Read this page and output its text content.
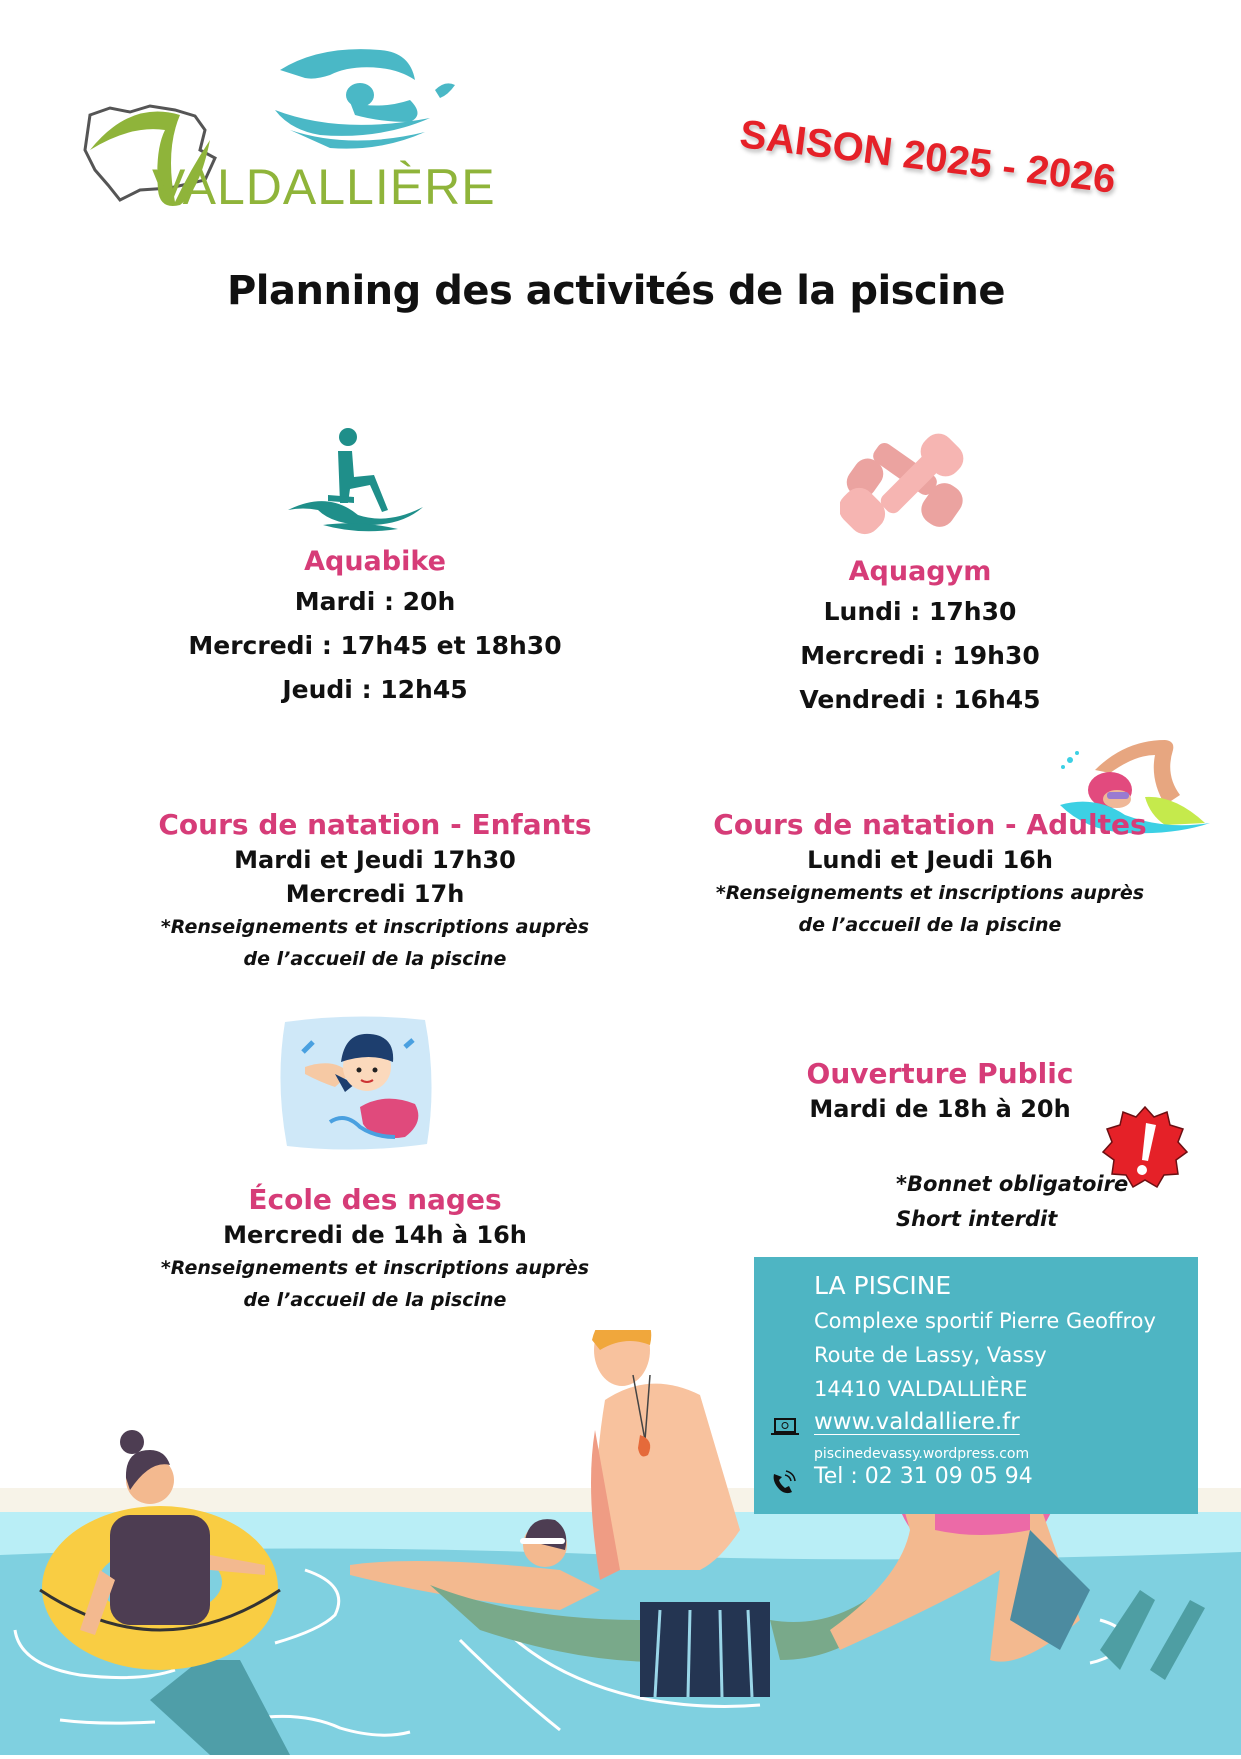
VALDALLIÈRE	SAISON 2025 - 2026
Planning des activités de la piscine
Aquabike
Mardi : 20h
Mercredi : 17h45 et 18h30
Jeudi : 12h45
Aquagym
Lundi : 17h30
Mercredi : 19h30
Vendredi : 16h45
Cours de natation - Enfants
Mardi et Jeudi 17h30
Mercredi 17h
*Renseignements et inscriptions auprès
de l’accueil de la piscine
Cours de natation - Adultes
Lundi et Jeudi 16h
*Renseignements et inscriptions auprès
de l’accueil de la piscine
École des nages
Mercredi de 14h à 16h
*Renseignements et inscriptions auprès
de l’accueil de la piscine
Ouverture Public
Mardi de 18h à 20h
*Bonnet obligatoire
Short interdit
LA PISCINE
Complexe sportif Pierre Geoffroy
Route de Lassy, Vassy
14410 VALDALLIÈRE
www.valdalliere.fr
piscinedevassy.wordpress.com
Tel : 02 31 09 05 94
